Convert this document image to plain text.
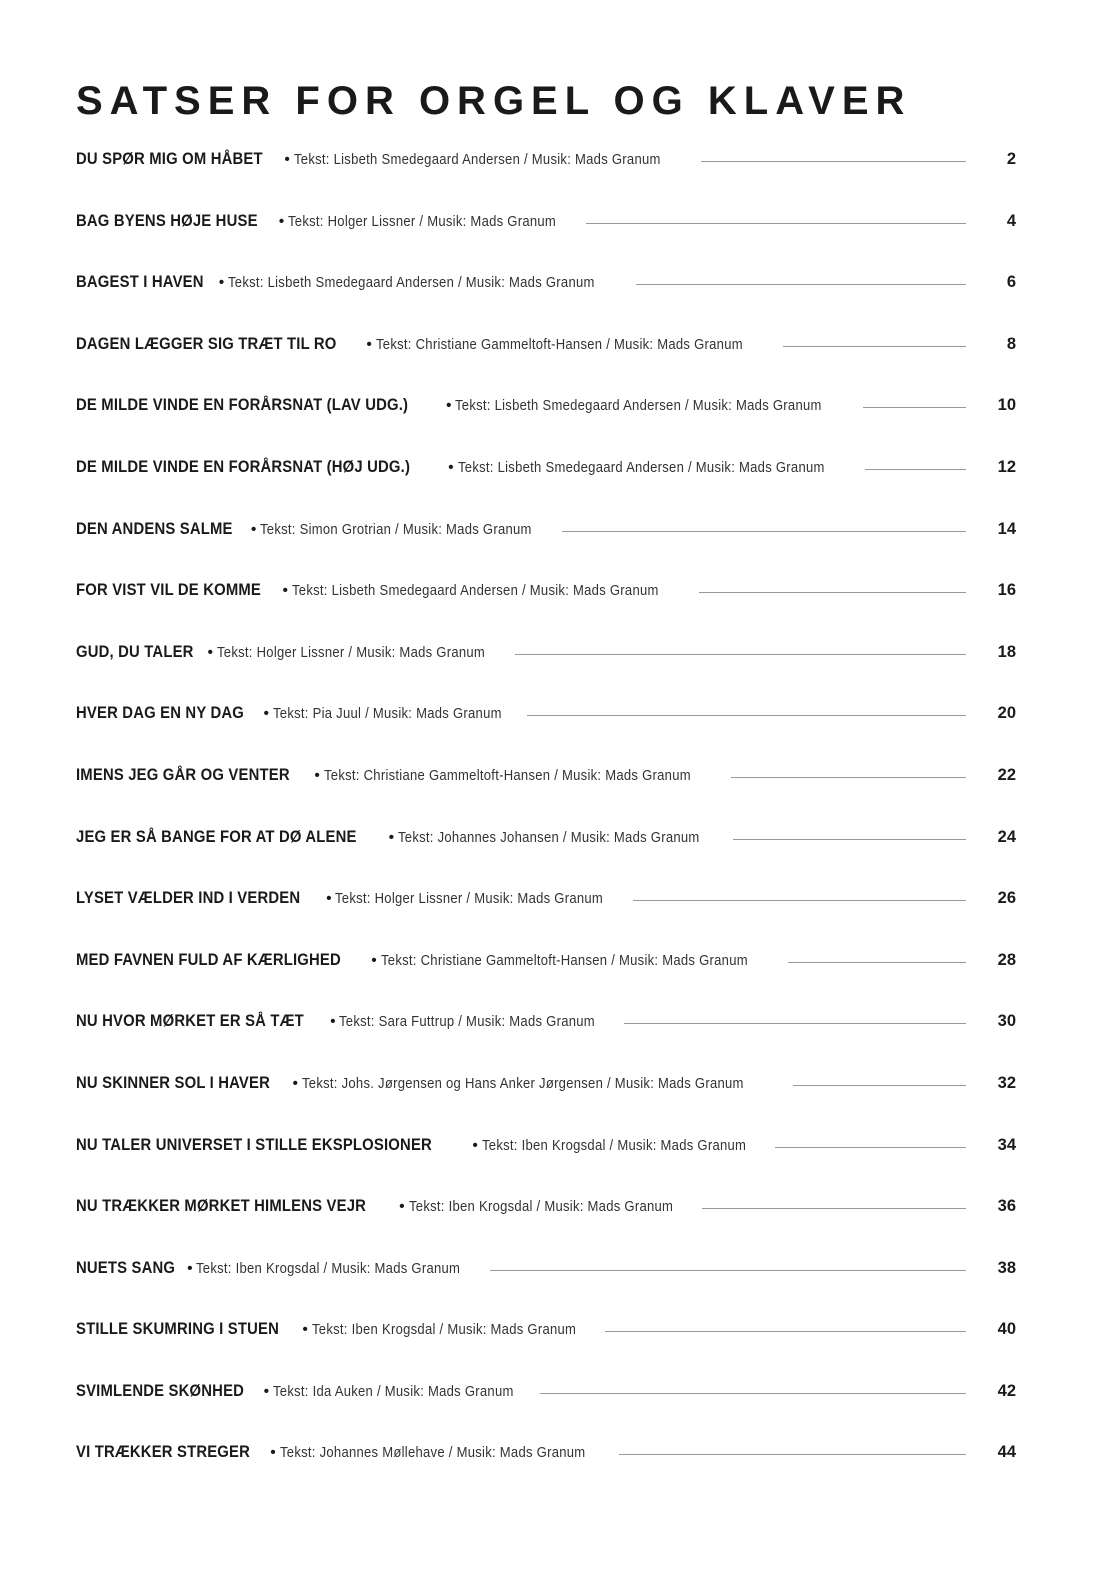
SATSER FOR ORGEL OG KLAVER
DU SPØR MIG OM HÅBET • Tekst: Lisbeth Smedegaard Andersen / Musik: Mads Granum	2
BAG BYENS HØJE HUSE • Tekst: Holger Lissner / Musik: Mads Granum	4
BAGEST I HAVEN • Tekst: Lisbeth Smedegaard Andersen / Musik: Mads Granum	6
DAGEN LÆGGER SIG TRÆT TIL RO • Tekst: Christiane Gammeltoft-Hansen / Musik: Mads Granum	8
DE MILDE VINDE EN FORÅRSNAT (LAV UDG.)	• Tekst: Lisbeth Smedegaard Andersen / Musik: Mads Granum	10
DE MILDE VINDE EN FORÅRSNAT (HØJ UDG.)	• Tekst: Lisbeth Smedegaard Andersen / Musik: Mads Granum	12
DEN ANDENS SALME • Tekst: Simon Grotrian / Musik: Mads Granum	14
FOR VIST VIL DE KOMME • Tekst: Lisbeth Smedegaard Andersen / Musik: Mads Granum	16
GUD, DU TALER • Tekst: Holger Lissner / Musik: Mads Granum	18
HVER DAG EN NY DAG • Tekst: Pia Juul / Musik: Mads Granum	20
IMENS JEG GÅR OG VENTER • Tekst: Christiane Gammeltoft-Hansen / Musik: Mads Granum	22
JEG ER SÅ BANGE FOR AT DØ ALENE • Tekst: Johannes Johansen / Musik: Mads Granum	24
LYSET VÆLDER IND I VERDEN • Tekst: Holger Lissner / Musik: Mads Granum	26
MED FAVNEN FULD AF KÆRLIGHED • Tekst: Christiane Gammeltoft-Hansen / Musik: Mads Granum	28
NU HVOR MØRKET ER SÅ TÆT • Tekst: Sara Futtrup / Musik: Mads Granum	30
NU SKINNER SOL I HAVER • Tekst: Johs. Jørgensen og Hans Anker Jørgensen / Musik: Mads Granum	32
NU TALER UNIVERSET I STILLE EKSPLOSIONER	• Tekst: Iben Krogsdal / Musik: Mads Granum	34
NU TRÆKKER MØRKET HIMLENS VEJR • Tekst: Iben Krogsdal / Musik: Mads Granum	36
NUETS SANG • Tekst: Iben Krogsdal / Musik: Mads Granum	38
STILLE SKUMRING I STUEN • Tekst: Iben Krogsdal / Musik: Mads Granum	40
SVIMLENDE SKØNHED • Tekst: Ida Auken / Musik: Mads Granum	42
VI TRÆKKER STREGER • Tekst: Johannes Møllehave / Musik: Mads Granum	44
